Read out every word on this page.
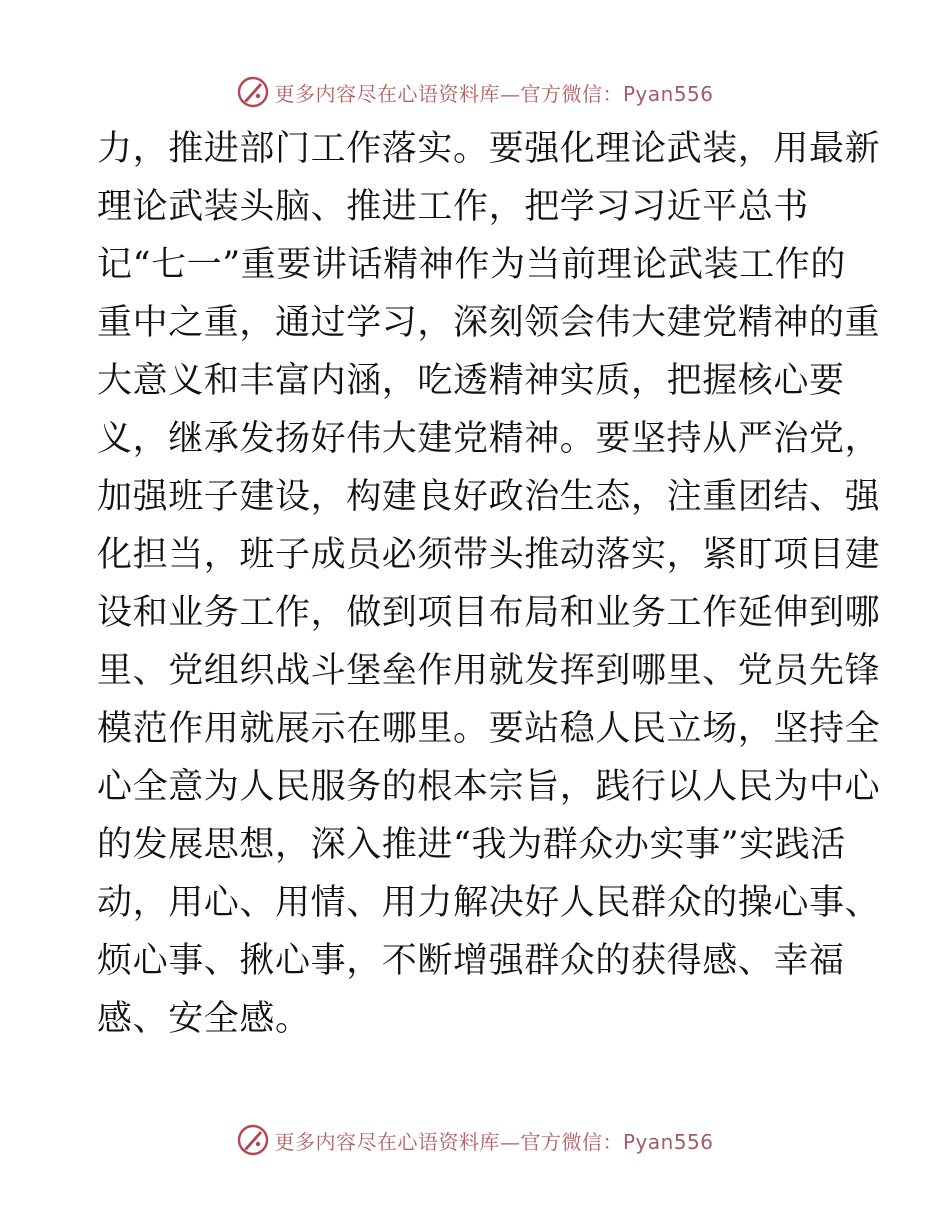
更多内容尽在心语资料库—官方微信：Pyan556
力，推进部门工作落实。要强化理论武装，用最新
理论武装头脑、推进工作，把学习习近平总书
记“七一”重要讲话精神作为当前理论武装工作的
重中之重，通过学习，深刻领会伟大建党精神的重
大意义和丰富内涵，吃透精神实质，把握核心要
义，继承发扬好伟大建党精神。要坚持从严治党，
加强班子建设，构建良好政治生态，注重团结、强
化担当，班子成员必须带头推动落实，紧盯项目建
设和业务工作，做到项目布局和业务工作延伸到哪
里、党组织战斗堡垒作用就发挥到哪里、党员先锋
模范作用就展示在哪里。要站稳人民立场，坚持全
心全意为人民服务的根本宗旨，践行以人民为中心
的发展思想，深入推进“我为群众办实事”实践活
动，用心、用情、用力解决好人民群众的操心事、
烦心事、揪心事，不断增强群众的获得感、幸福
感、安全感。
更多内容尽在心语资料库—官方微信：Pyan556
